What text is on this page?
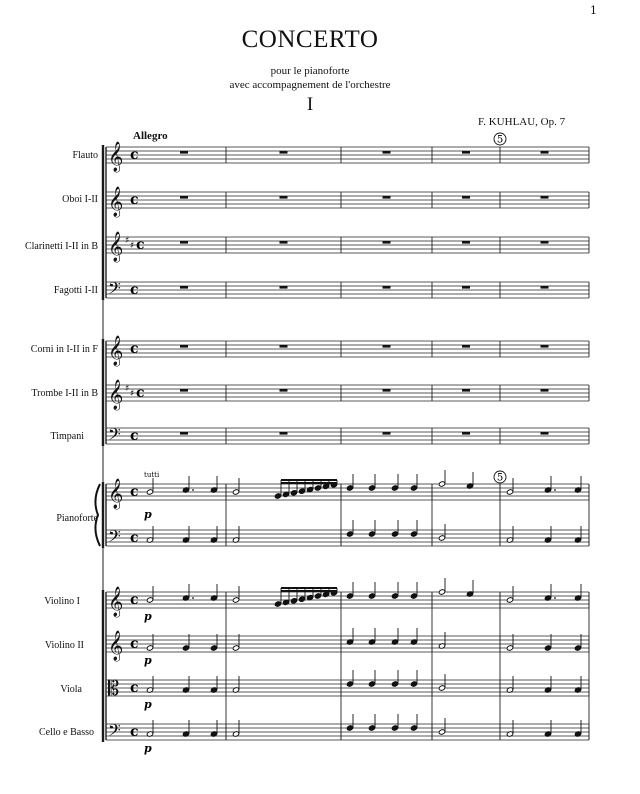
1
CONCERTO
pour le pianoforte
avec accompagnement de l'orchestre
I
F. KUHLAU, Op. 7
Allegro
Flauto
Oboi I-II
Clarinetti I-II in B
Fagotti I-II
Corni in I-II in F
Trombe I-II in B
Timpani
Pianoforte
Violino I
Violino II
Viola
Cello e Basso
𝄞 c
𝄞 c
𝄞 ♯ ♯ c
𝄢 c
𝄞 c
𝄞 ♯ ♯ c
𝄢 c
𝄞 c
𝄢 c
𝄞 c
𝄞 c
𝄡 c
𝄢 c
p
p
p
p
p
tutti
5
5
